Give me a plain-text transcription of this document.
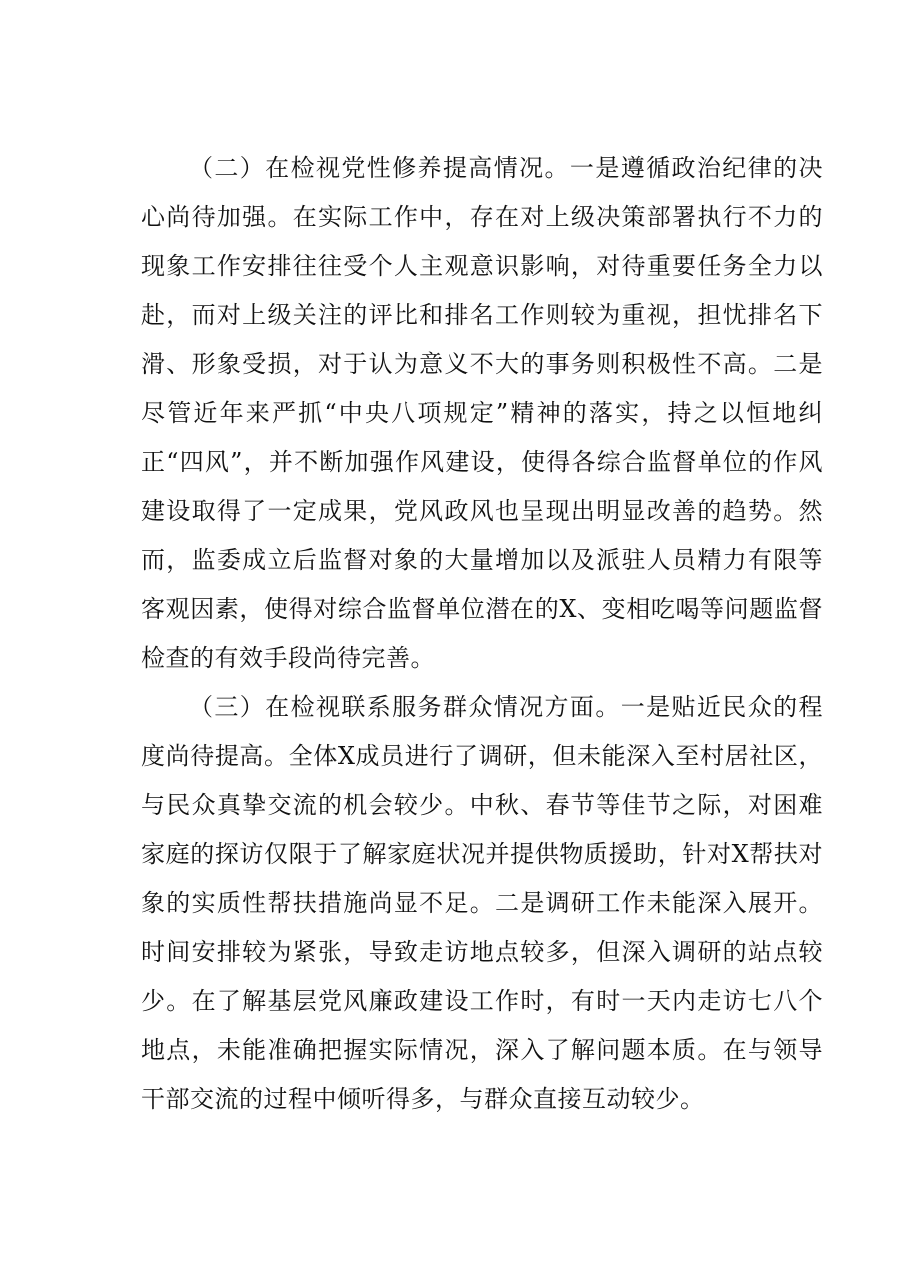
（二）在检视党性修养提高情况。一是遵循政治纪律的决心尚待加强。在实际工作中，存在对上级决策部署执行不力的现象工作安排往往受个人主观意识影响，对待重要任务全力以赴，而对上级关注的评比和排名工作则较为重视，担忧排名下滑、形象受损，对于认为意义不大的事务则积极性不高。二是尽管近年来严抓“中央八项规定”精神的落实，持之以恒地纠正“四风”，并不断加强作风建设，使得各综合监督单位的作风建设取得了一定成果，党风政风也呈现出明显改善的趋势。然而，监委成立后监督对象的大量增加以及派驻人员精力有限等客观因素，使得对综合监督单位潜在的X、变相吃喝等问题监督检查的有效手段尚待完善。

（三）在检视联系服务群众情况方面。一是贴近民众的程度尚待提高。全体X成员进行了调研，但未能深入至村居社区，与民众真挚交流的机会较少。中秋、春节等佳节之际，对困难家庭的探访仅限于了解家庭状况并提供物质援助，针对X帮扶对象的实质性帮扶措施尚显不足。二是调研工作未能深入展开。时间安排较为紧张，导致走访地点较多，但深入调研的站点较少。在了解基层党风廉政建设工作时，有时一天内走访七八个地点，未能准确把握实际情况，深入了解问题本质。在与领导干部交流的过程中倾听得多，与群众直接互动较少。
